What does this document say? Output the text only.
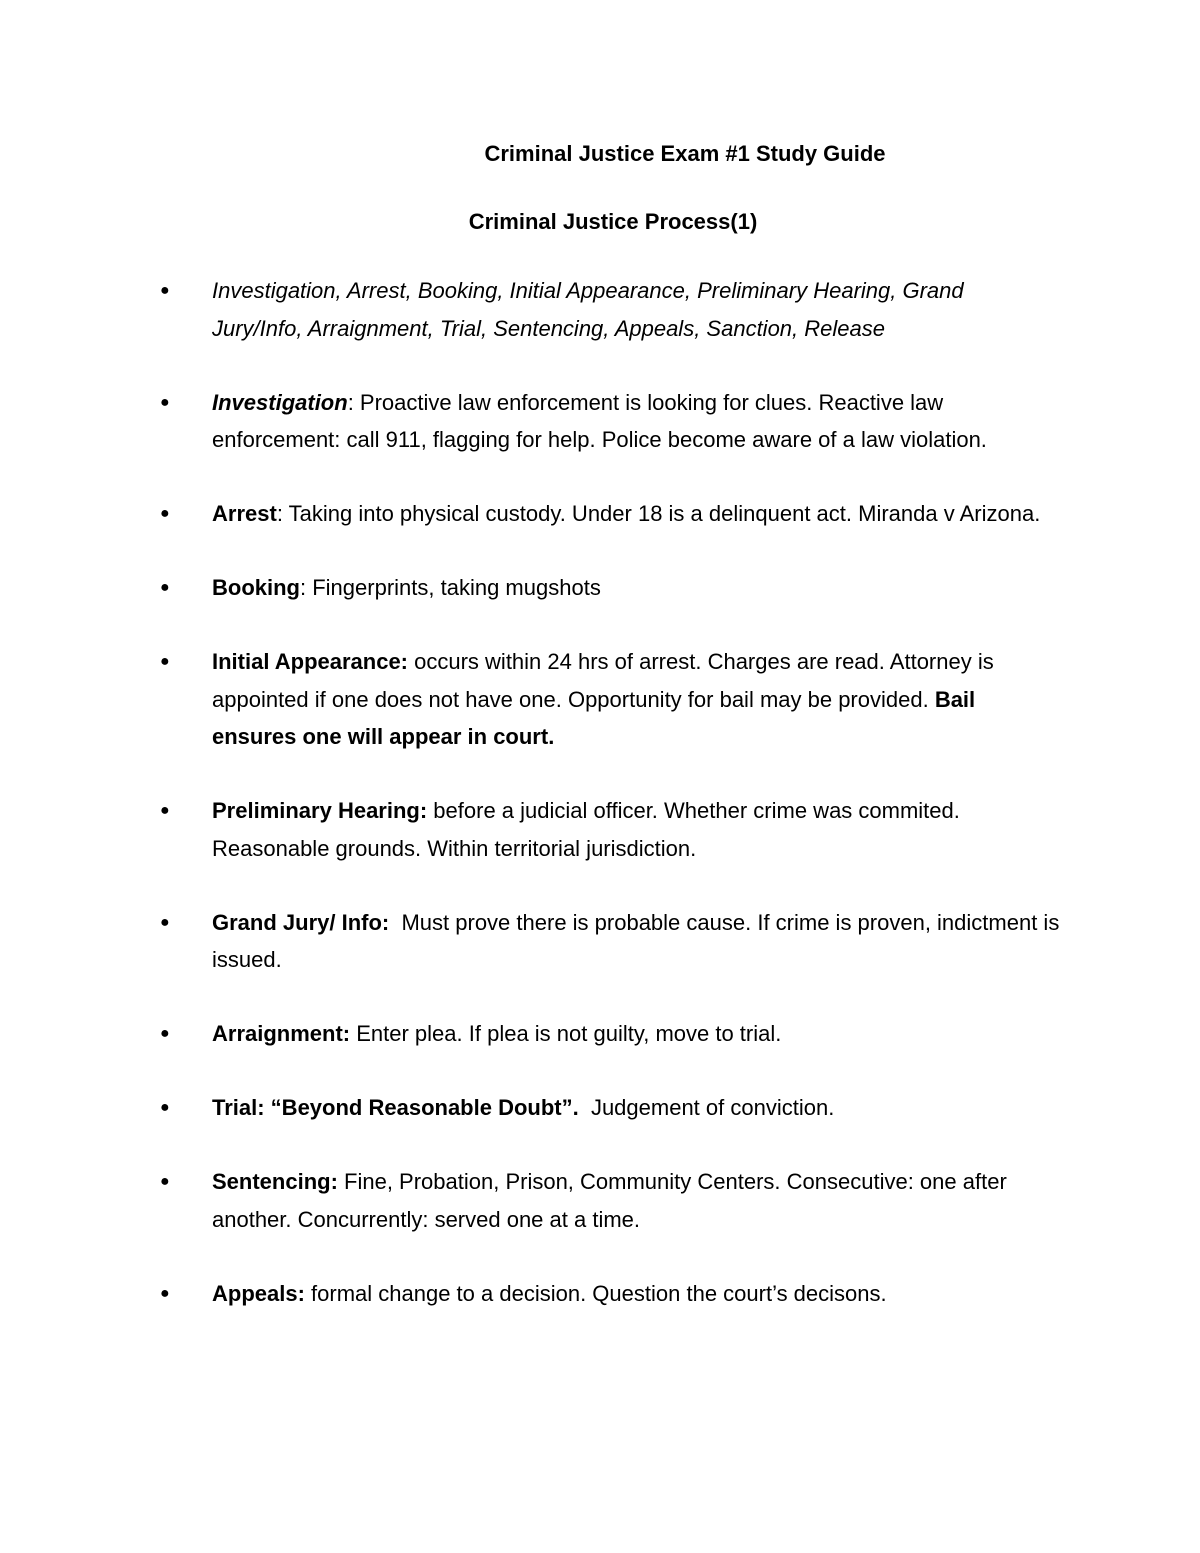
Criminal Justice Exam #1 Study Guide
Criminal Justice Process(1)
● Investigation, Arrest, Booking, Initial Appearance, Preliminary Hearing, Grand Jury/Info, Arraignment, Trial, Sentencing, Appeals, Sanction, Release
● Investigation: Proactive law enforcement is looking for clues. Reactive law enforcement: call 911, flagging for help. Police become aware of a law violation.
● Arrest: Taking into physical custody. Under 18 is a delinquent act. Miranda v Arizona.
● Booking: Fingerprints, taking mugshots
● Initial Appearance: occurs within 24 hrs of arrest. Charges are read. Attorney is appointed if one does not have one. Opportunity for bail may be provided. Bail ensures one will appear in court.
● Preliminary Hearing: before a judicial officer. Whether crime was commited. Reasonable grounds. Within territorial jurisdiction.
● Grand Jury/ Info:  Must prove there is probable cause. If crime is proven, indictment is issued.
● Arraignment: Enter plea. If plea is not guilty, move to trial.
● Trial: “Beyond Reasonable Doubt”.  Judgement of conviction.
● Sentencing: Fine, Probation, Prison, Community Centers. Consecutive: one after another. Concurrently: served one at a time.
● Appeals: formal change to a decision. Question the court’s decisons.
